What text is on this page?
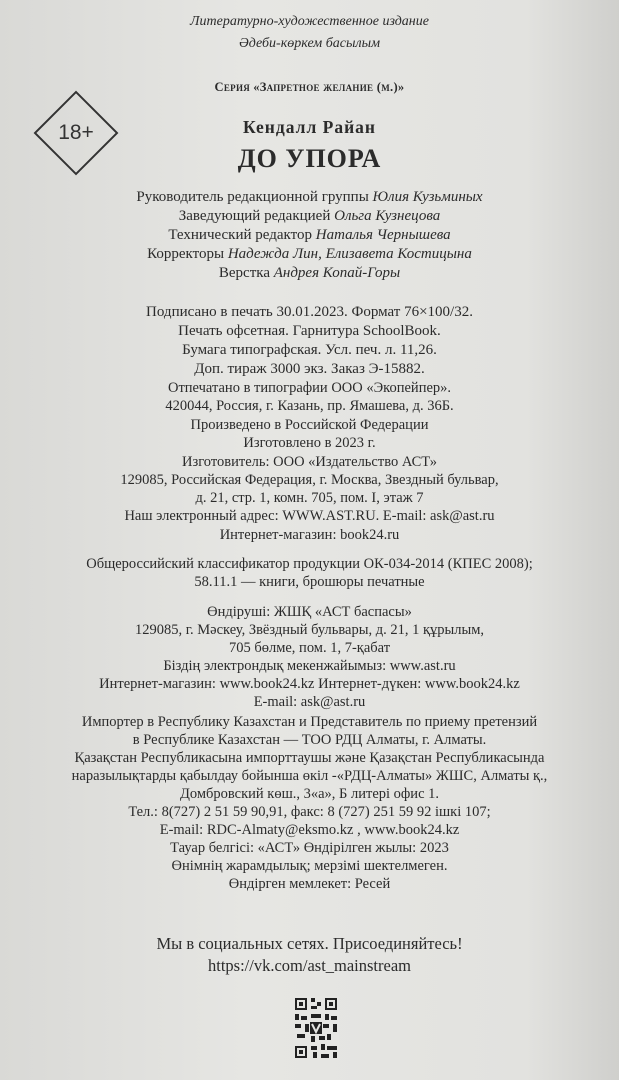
Литературно-художественное издание
Әдеби-көркем басылым
Серия «Запретное желание (м.)»
18+	Кендалл Райан
ДО УПОРА
Руководитель редакционной группы Юлия Кузьминых
Заведующий редакцией Ольга Кузнецова
Технический редактор Наталья Чернышева
Корректоры Надежда Лин, Елизавета Костицына
Верстка Андрея Копай-Горы
Подписано в печать 30.01.2023. Формат 76×100/32.
Печать офсетная. Гарнитура SchoolBook.
Бумага типографская. Усл. печ. л. 11,26.
Доп. тираж 3000 экз. Заказ Э-15882.
Отпечатано в типографии ООО «Экопейпер».
420044, Россия, г. Казань, пр. Ямашева, д. 36Б.
Произведено в Российской Федерации
Изготовлено в 2023 г.
Изготовитель: ООО «Издательство АСТ»
129085, Российская Федерация, г. Москва, Звездный бульвар,
д. 21, стр. 1, комн. 705, пом. I, этаж 7
Наш электронный адрес: WWW.AST.RU. E-mail: ask@ast.ru
Интернет-магазин: book24.ru
Общероссийский классификатор продукции ОК-034-2014 (КПЕС 2008);
58.11.1 — книги, брошюры печатные
Өндіруші: ЖШҚ «АСТ баспасы»
129085, г. Мәскеу, Звёздный бульвары, д. 21, 1 құрылым,
705 бөлме, пом. 1, 7-қабат
Біздің электрондық мекенжайымыз: www.ast.ru
Интернет-магазин: www.book24.kz Интернет-дүкен: www.book24.kz
E-mail: ask@ast.ru
Импортер в Республику Казахстан и Представитель по приему претензий
в Республике Казахстан — ТОО РДЦ Алматы, г. Алматы.
Қазақстан Республикасына импорттаушы және Қазақстан Республикасында
наразылықтарды қабылдау бойынша өкіл -«РДЦ-Алматы» ЖШС, Алматы қ.,
Домбровский көш., 3«а», Б литері офис 1.
Тел.: 8(727) 2 51 59 90,91, факс: 8 (727) 251 59 92 ішкі 107;
E-mail: RDC-Almaty@eksmo.kz , www.book24.kz
Тауар белгісі: «АСТ» Өндірілген жылы: 2023
Өнімнің жарамдылық; мерзімі шектелмеген.
Өндірген мемлекет: Ресей
Мы в социальных сетях. Присоединяйтесь!
https://vk.com/ast_mainstream
